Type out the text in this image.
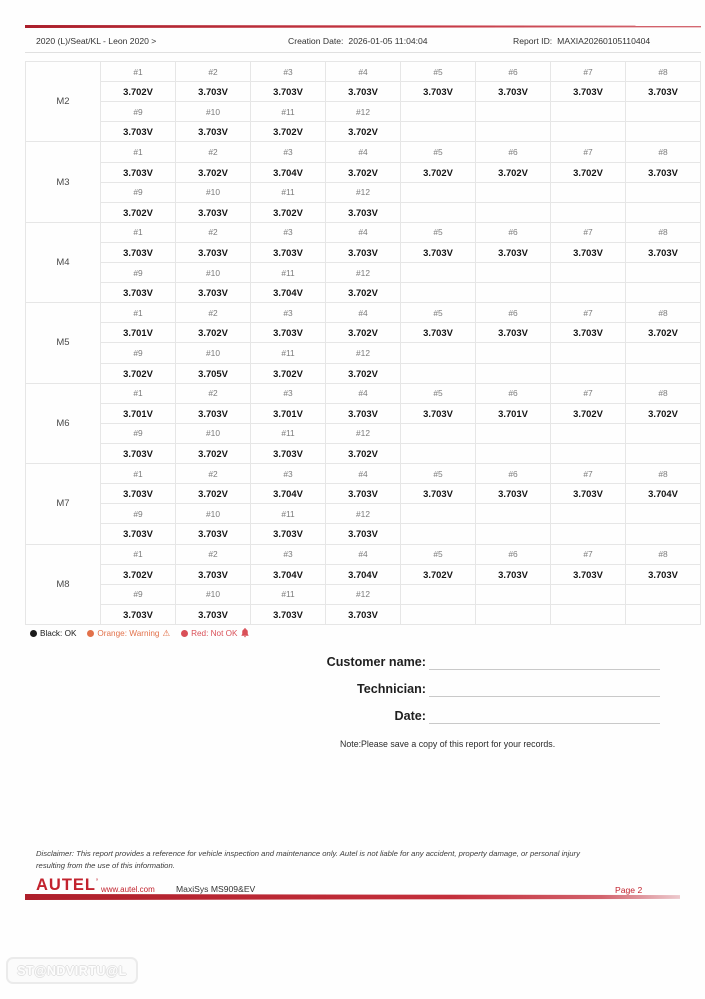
2020 (L)/Seat/KL - Leon 2020 >	Creation Date: 2026-01-05 11:04:04	Report ID: MAXIA20260105110404
M2
#1	#2	#3	#4	#5	#6	#7	#8
3.702V	3.703V	3.703V	3.703V	3.703V	3.703V	3.703V	3.703V
#9	#10	#11	#12
3.703V	3.703V	3.702V	3.702V
M3
#1	#2	#3	#4	#5	#6	#7	#8
3.703V	3.702V	3.704V	3.702V	3.702V	3.702V	3.702V	3.703V
#9	#10	#11	#12
3.702V	3.703V	3.702V	3.703V
M4
#1	#2	#3	#4	#5	#6	#7	#8
3.703V	3.703V	3.703V	3.703V	3.703V	3.703V	3.703V	3.703V
#9	#10	#11	#12
3.703V	3.703V	3.704V	3.702V
M5
#1	#2	#3	#4	#5	#6	#7	#8
3.701V	3.702V	3.703V	3.702V	3.703V	3.703V	3.703V	3.702V
#9	#10	#11	#12
3.702V	3.705V	3.702V	3.702V
M6
#1	#2	#3	#4	#5	#6	#7	#8
3.701V	3.703V	3.701V	3.703V	3.703V	3.701V	3.702V	3.702V
#9	#10	#11	#12
3.703V	3.702V	3.703V	3.702V
M7
#1	#2	#3	#4	#5	#6	#7	#8
3.703V	3.702V	3.704V	3.703V	3.703V	3.703V	3.703V	3.704V
#9	#10	#11	#12
3.703V	3.703V	3.703V	3.703V
M8
#1	#2	#3	#4	#5	#6	#7	#8
3.702V	3.703V	3.704V	3.704V	3.702V	3.703V	3.703V	3.703V
#9	#10	#11	#12
3.703V	3.703V	3.703V	3.703V
Black: OK	Orange: Warning ⚠	Red: Not OK
Customer name:
Technician:
Date:
Note:Please save a copy of this report for your records.
Disclaimer: This report provides a reference for vehicle inspection and maintenance only. Autel is not liable for any accident, property damage, or personal injury resulting from the use of this information.
AUTEL’
www.autel.com MaxiSys MS909&EV	Page 2
ST@NDVIRTU@L
